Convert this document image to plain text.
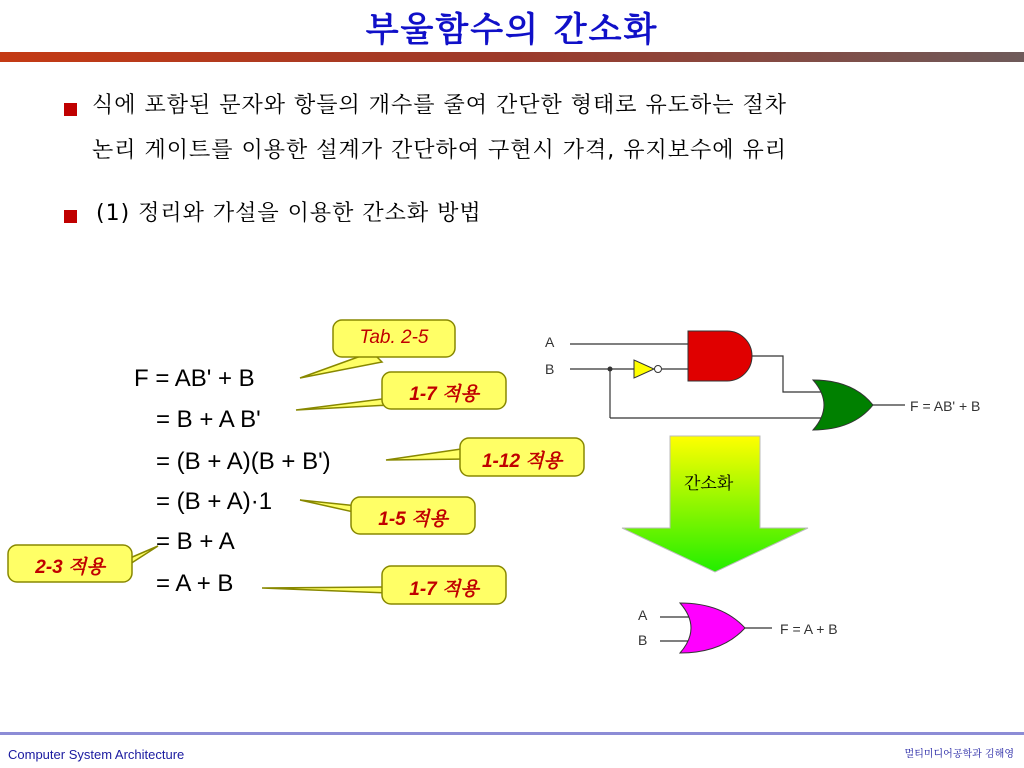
부울함수의 간소화
식에 포함된 문자와 항들의 개수를 줄여 간단한 형태로 유도하는 절차
논리 게이트를 이용한 설계가 간단하여 구현시 가격, 유지보수에 유리
(1) 정리와 가설을 이용한 간소화 방법
F = AB' + B
= B + A B'
= (B + A)(B + B')
= (B + A)·1
= B + A
= A + B
Tab. 2-5
1-7 적용
1-12 적용
1-5 적용
2-3 적용
1-7 적용
A
B
F = AB' + B
간소화
A
B
F = A + B
Computer System Architecture	멀티미디어공학과 김해영
